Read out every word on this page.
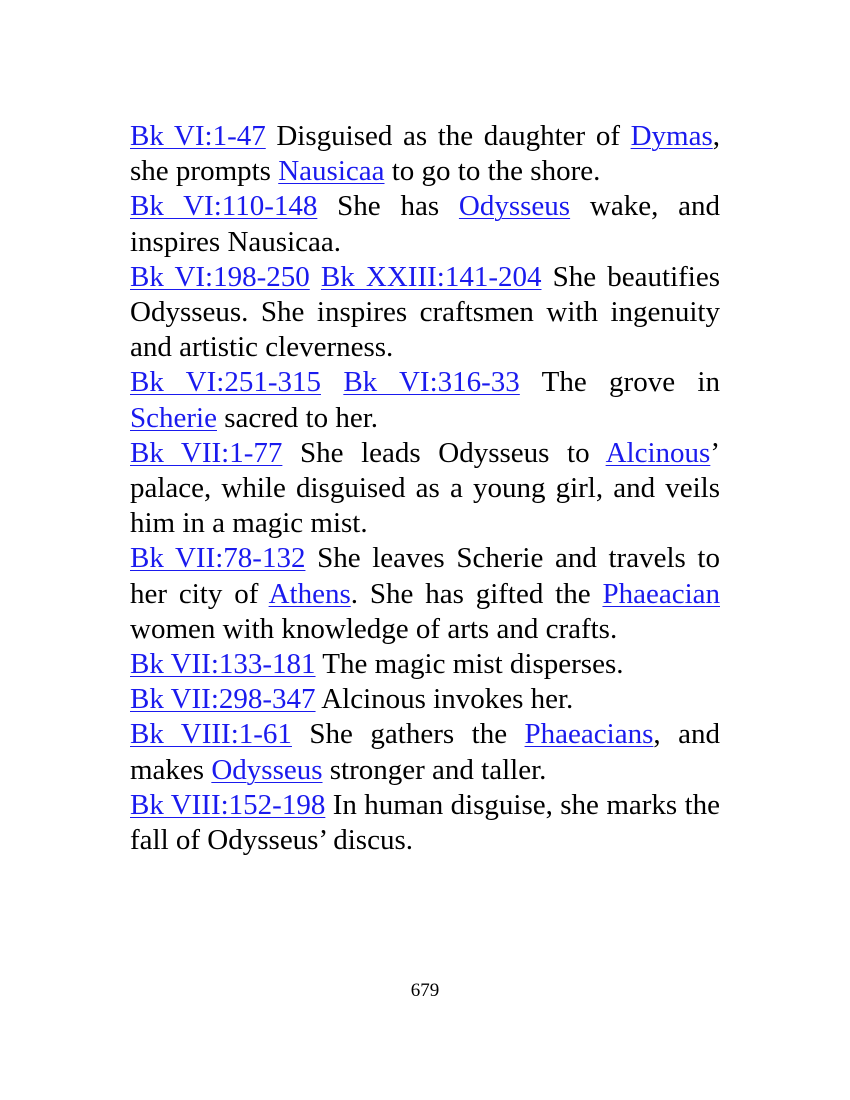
Bk VI:1-47 Disguised as the daughter of Dymas, she prompts Nausicaa to go to the shore.

Bk VI:110-148 She has Odysseus wake, and inspires Nausicaa.

Bk VI:198-250 Bk XXIII:141-204 She beautifies Odysseus. She inspires craftsmen with ingenuity and artistic cleverness.

Bk VI:251-315 Bk VI:316-33 The grove in Scherie sacred to her.

Bk VII:1-77 She leads Odysseus to Alcinous’ palace, while disguised as a young girl, and veils him in a magic mist.

Bk VII:78-132 She leaves Scherie and travels to her city of Athens. She has gifted the Phaeacian women with knowledge of arts and crafts.

Bk VII:133-181 The magic mist disperses.

Bk VII:298-347 Alcinous invokes her.

Bk VIII:1-61 She gathers the Phaeacians, and makes Odysseus stronger and taller.

Bk VIII:152-198 In human disguise, she marks the fall of Odysseus’ discus.

679
